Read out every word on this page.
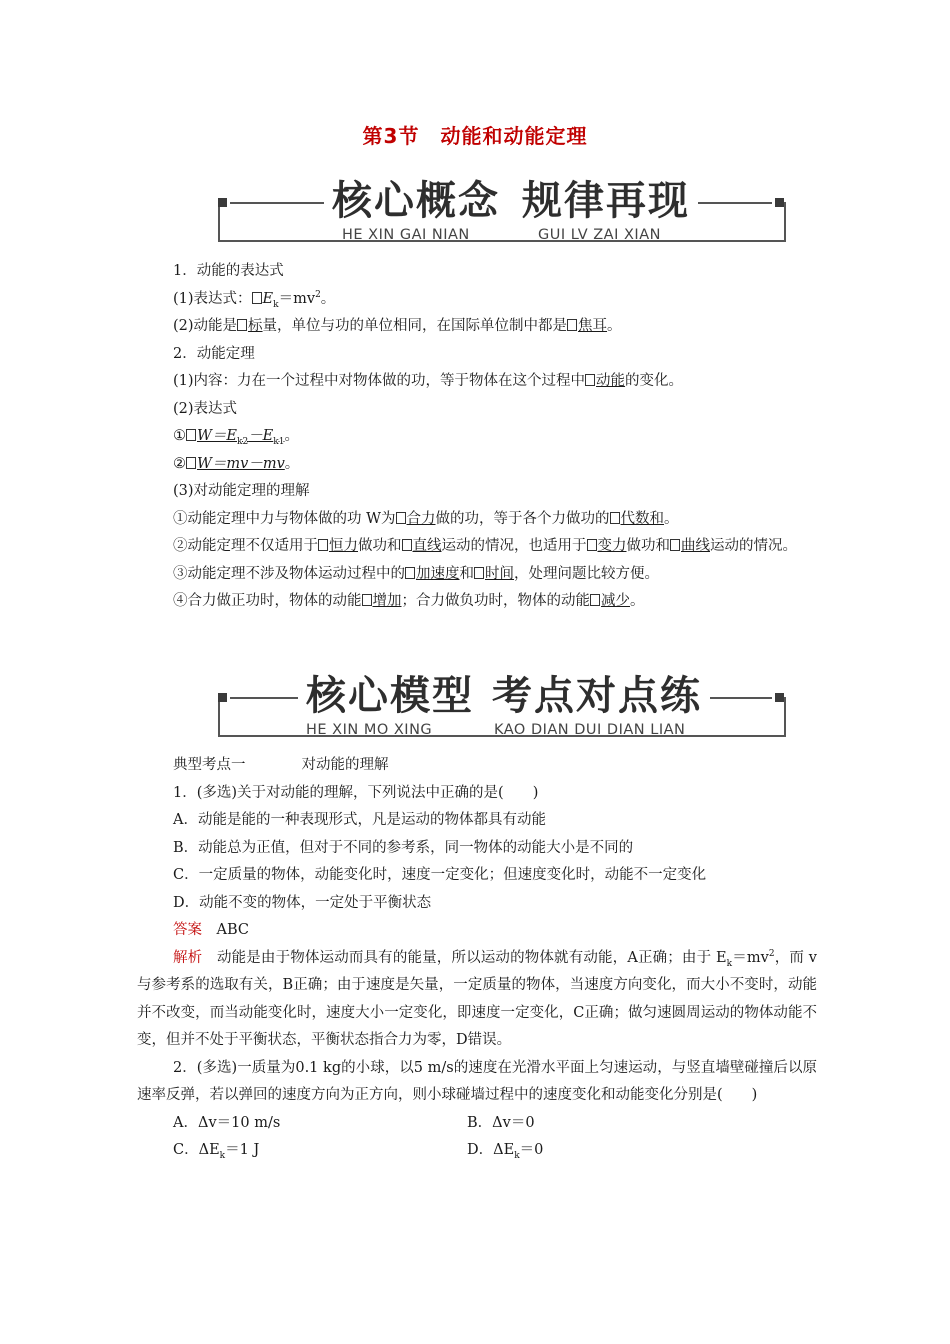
第3节　动能和动能定理
核心概念 规律再现
HE XIN GAI NIAN	GUI LV ZAI XIAN

1．动能的表达式

(1)表达式： $E_k=mv^2$。

(2)动能是 标量，单位与功的单位相同，在国际单位制中都是 焦耳。

2．动能定理

(1)内容：力在一个过程中对物体做的功，等于物体在这个过程中 动能的变化。

(2)表达式

① $W=E_{k2}-E_{k1}$。

② W＝mv－mv。

(3)对动能定理的理解

①动能定理中力与物体做的功 W为 合力做的功，等于各个力做功的 代数和。

②动能定理不仅适用于 恒力做功和 直线运动的情况，也适用于 变力做功和 曲线运动的情况。

③动能定理不涉及物体运动过程中的 加速度和 时间，处理问题比较方便。

④合力做正功时，物体的动能 增加；合力做负功时，物体的动能 减少。

核心模型 考点对点练
HE XIN MO XING	KAO DIAN DUI DIAN LIAN

典型考点一	对动能的理解

1．(多选)关于对动能的理解，下列说法中正确的是(　　)

A．动能是能的一种表现形式，凡是运动的物体都具有动能

B．动能总为正值，但对于不同的参考系，同一物体的动能大小是不同的

C．一定质量的物体，动能变化时，速度一定变化；但速度变化时，动能不一定变化

D．动能不变的物体，一定处于平衡状态

答案　 ABC

解析　 动能是由于物体运动而具有的能量，所以运动的物体就有动能，A正确；由于 $E_k=mv^2$，而 v与参考系的选取有关，B正确；由于速度是矢量，一定质量的物体，当速度方向变化，而大小不变时，动能并不改变，而当动能变化时，速度大小一定变化，即速度一定变化，C正确；做匀速圆周运动的物体动能不变，但并不处于平衡状态，平衡状态指合力为零，D错误。

2．(多选)一质量为0.1 kg的小球，以5 m/s的速度在光滑水平面上匀速运动，与竖直墙壁碰撞后以原速率反弹，若以弹回的速度方向为正方向，则小球碰墙过程中的速度变化和动能变化分别是(　　)

A．Δv＝10 m/s	B．Δv＝0
C．$\Delta E_k=1$ J	D．$\Delta E_k=0$
